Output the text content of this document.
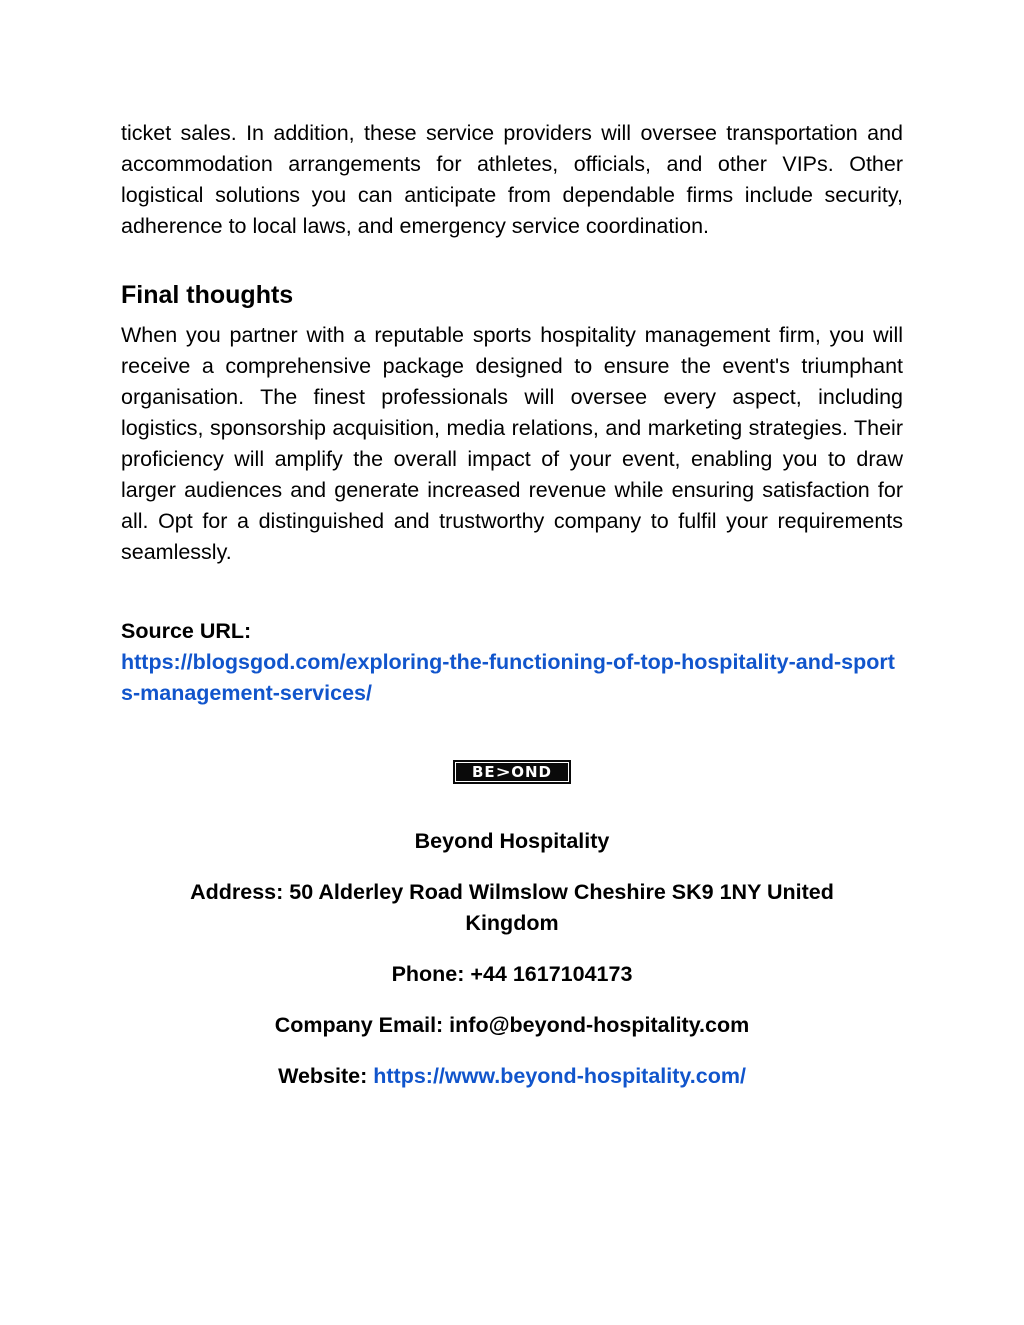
ticket sales. In addition, these service providers will oversee transportation and accommodation arrangements for athletes, officials, and other VIPs. Other logistical solutions you can anticipate from dependable firms include security, adherence to local laws, and emergency service coordination.

Final thoughts

When you partner with a reputable sports hospitality management firm, you will receive a comprehensive package designed to ensure the event's triumphant organisation. The finest professionals will oversee every aspect, including logistics, sponsorship acquisition, media relations, and marketing strategies. Their proficiency will amplify the overall impact of your event, enabling you to draw larger audiences and generate increased revenue while ensuring satisfaction for all. Opt for a distinguished and trustworthy company to fulfil your requirements seamlessly.

Source URL:
https://blogsgod.com/exploring-the-functioning-of-top-hospitality-and-sports-management-services/
BE > OND
Beyond Hospitality
Address: 50 Alderley Road Wilmslow Cheshire SK9 1NY United Kingdom
Phone: +44 1617104173
Company Email: info@beyond-hospitality.com
Website: https://www.beyond-hospitality.com/
